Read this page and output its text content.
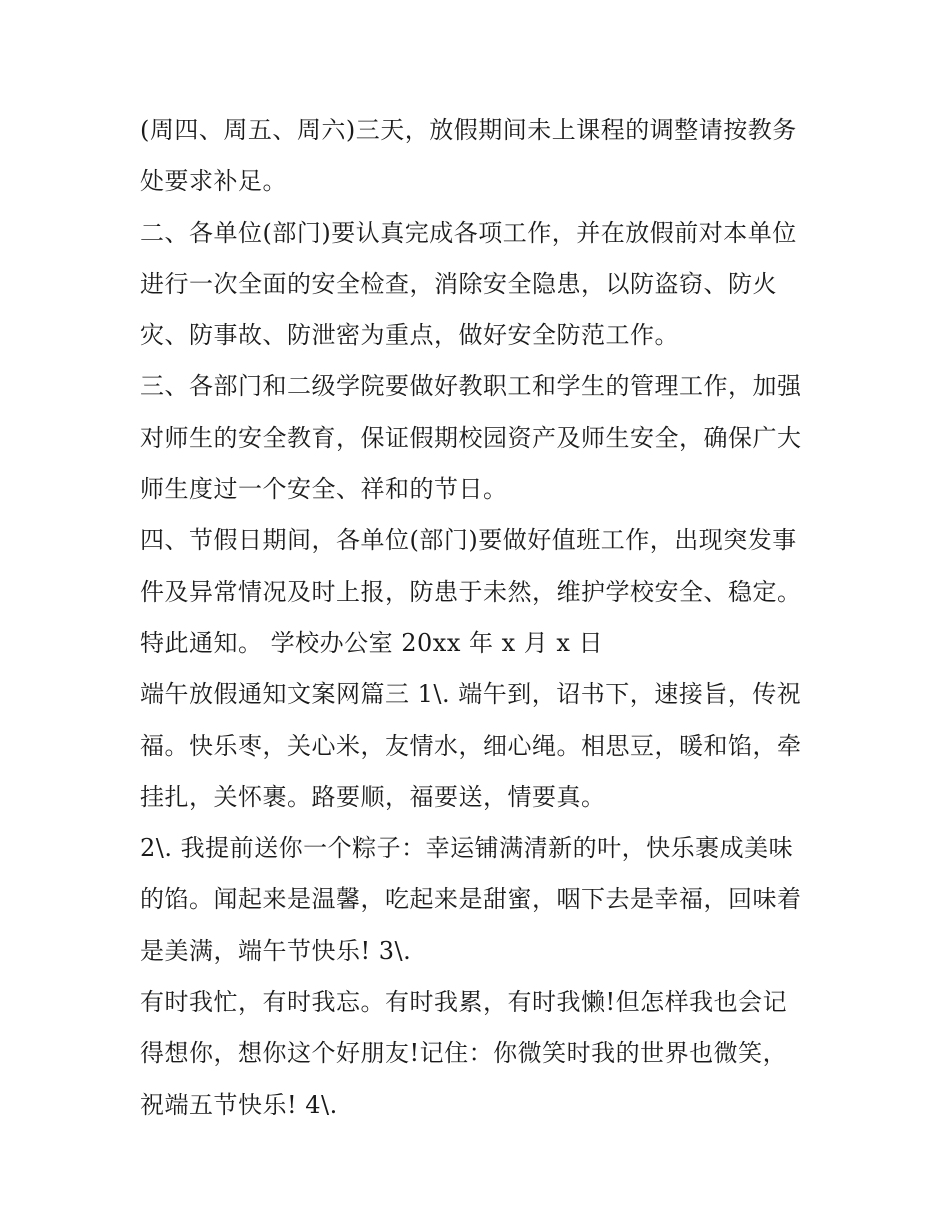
(周四、周五、周六)三天，放假期间未上课程的调整请按教务
处要求补足。
二、各单位(部门)要认真完成各项工作，并在放假前对本单位
进行一次全面的安全检查，消除安全隐患，以防盗窃、防火
灾、防事故、防泄密为重点，做好安全防范工作。
三、各部门和二级学院要做好教职工和学生的管理工作，加强
对师生的安全教育，保证假期校园资产及师生安全，确保广大
师生度过一个安全、祥和的节日。
四、节假日期间，各单位(部门)要做好值班工作，出现突发事
件及异常情况及时上报，防患于未然，维护学校安全、稳定。
特此通知。 学校办公室 20xx 年 x 月 x 日
端午放假通知文案网篇三 1\. 端午到，诏书下，速接旨，传祝
福。快乐枣，关心米，友情水，细心绳。相思豆，暖和馅，牵
挂扎，关怀裹。路要顺，福要送，情要真。
2\. 我提前送你一个粽子：幸运铺满清新的叶，快乐裹成美味
的馅。闻起来是温馨，吃起来是甜蜜，咽下去是幸福，回味着
是美满，端午节快乐! 3\.
有时我忙，有时我忘。有时我累，有时我懒!但怎样我也会记
得想你，想你这个好朋友!记住：你微笑时我的世界也微笑，
祝端五节快乐! 4\.
